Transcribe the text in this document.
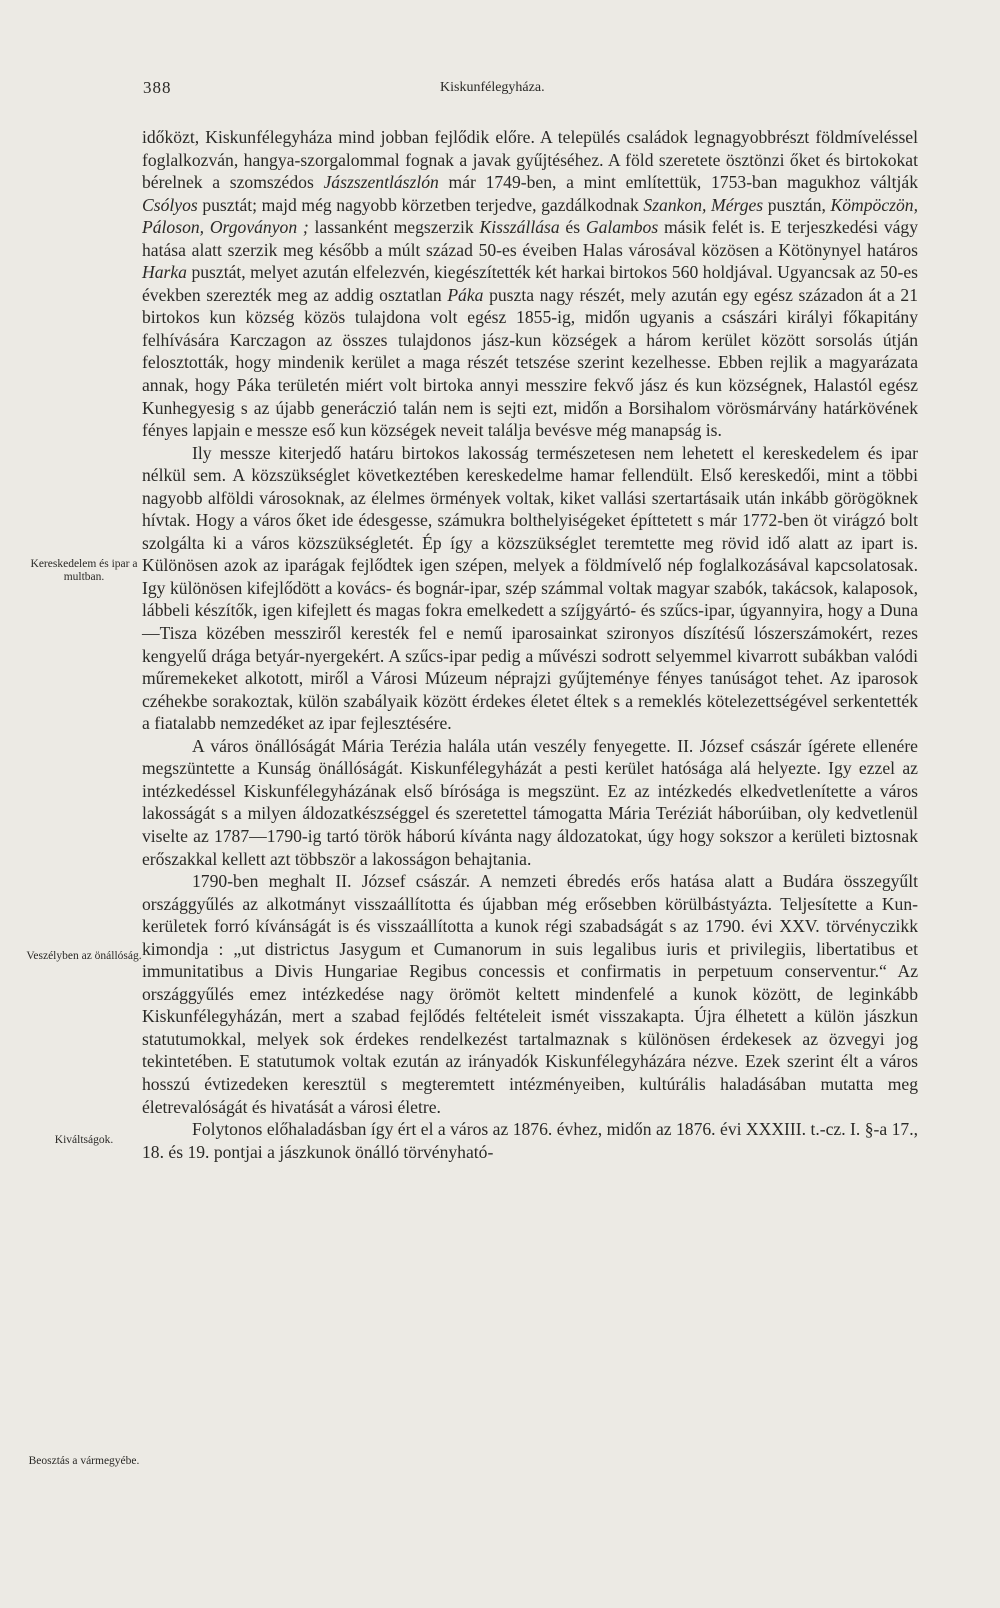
388	Kiskunfélegyháza.
Kereskedelem és ipar a multban.
Veszélyben az önállóság.
Kiváltságok.
Beosztás a vármegyébe.

időközt, Kiskunfélegyháza mind jobban fejlődik előre. A település családok legnagyobbrészt földmíveléssel foglalkozván, hangya-szorgalommal fognak a javak gyűjtéséhez. A föld szeretete ösztönzi őket és birtokokat bérelnek a szomszédos Jászszentlászlón már 1749-ben, a mint említettük, 1753-ban magukhoz váltják Csólyos pusztát; majd még nagyobb körzetben terjedve, gazdálkodnak Szankon, Mérges pusztán, Kömpöczön, Páloson, Orgoványon ; lassanként megszerzik Kisszállása és Galambos másik felét is. E terjeszkedési vágy hatása alatt szerzik meg később a múlt század 50-es éveiben Halas városával közösen a Kötönynyel határos Harka pusztát, melyet azután elfelezvén, kiegészítették két harkai birtokos 560 holdjával. Ugyancsak az 50-es években szerezték meg az addig osztatlan Páka puszta nagy részét, mely azután egy egész századon át a 21 birtokos kun község közös tulajdona volt egész 1855-ig, midőn ugyanis a császári királyi főkapitány felhívására Karczagon az összes tulajdonos jász-kun községek a három kerület között sorsolás útján felosztották, hogy mindenik kerület a maga részét tetszése szerint kezelhesse. Ebben rejlik a magyarázata annak, hogy Páka területén miért volt birtoka annyi messzire fekvő jász és kun községnek, Halastól egész Kunhegyesig s az újabb generáczió talán nem is sejti ezt, midőn a Borsihalom vörösmárvány határkövének fényes lapjain e messze eső kun községek neveit találja bevésve még manapság is.

Ily messze kiterjedő határu birtokos lakosság természetesen nem lehetett el kereskedelem és ipar nélkül sem. A közszükséglet következtében kereskedelme hamar fellendült. Első kereskedői, mint a többi nagyobb alföldi városoknak, az élelmes örmények voltak, kiket vallási szertartásaik után inkább görögöknek hívtak. Hogy a város őket ide édesgesse, számukra bolthelyiségeket építtetett s már 1772-ben öt virágzó bolt szolgálta ki a város közszükségletét. Ép így a közszükséglet teremtette meg rövid idő alatt az ipart is. Különösen azok az iparágak fejlődtek igen szépen, melyek a földmívelő nép foglalkozásával kapcsolatosak. Igy különösen kifejlődött a kovács- és bognár-ipar, szép számmal voltak magyar szabók, takácsok, kalaposok, lábbeli készítők, igen kifejlett és magas fokra emelkedett a szíjgyártó- és szűcs-ipar, úgyannyira, hogy a Duna—Tisza közében messziről keresték fel e nemű iparosainkat szironyos díszítésű lószerszámokért, rezes kengyelű drága betyár-nyergekért. A szűcs-ipar pedig a művészi sodrott selyemmel kivarrott subákban valódi műremekeket alkotott, miről a Városi Múzeum néprajzi gyűjteménye fényes tanúságot tehet. Az iparosok czéhekbe sorakoztak, külön szabályaik között érdekes életet éltek s a remeklés kötelezettségével serkentették a fiatalabb nemzedéket az ipar fejlesztésére.

A város önállóságát Mária Terézia halála után veszély fenyegette. II. József császár ígérete ellenére megszüntette a Kunság önállóságát. Kiskunfélegyházát a pesti kerület hatósága alá helyezte. Igy ezzel az intézkedéssel Kiskunfélegyházának első bírósága is megszünt. Ez az intézkedés elkedvetlenítette a város lakosságát s a milyen áldozatkészséggel és szeretettel támogatta Mária Teréziát háborúiban, oly kedvetlenül viselte az 1787—1790-ig tartó török háború kívánta nagy áldozatokat, úgy hogy sokszor a kerületi biztosnak erőszakkal kellett azt többször a lakosságon behajtania.

1790-ben meghalt II. József császár. A nemzeti ébredés erős hatása alatt a Budára összegyűlt országgyűlés az alkotmányt visszaállította és újabban még erősebben körülbástyázta. Teljesítette a Kun-kerületek forró kívánságát is és visszaállította a kunok régi szabadságát s az 1790. évi XXV. törvényczikk kimondja : „ut districtus Jasygum et Cumanorum in suis legalibus iuris et privilegiis, libertatibus et immunitatibus a Divis Hungariae Regibus concessis et confirmatis in perpetuum conserventur.“ Az országgyűlés emez intézkedése nagy örömöt keltett mindenfelé a kunok között, de leginkább Kiskunfélegyházán, mert a szabad fejlődés feltételeit ismét visszakapta. Újra élhetett a külön jászkun statutumokkal, melyek sok érdekes rendelkezést tartalmaznak s különösen érdekesek az özvegyi jog tekintetében. E statutumok voltak ezután az irányadók Kiskunfélegyházára nézve. Ezek szerint élt a város hosszú évtizedeken keresztül s megteremtett intézményeiben, kultúrális haladásában mutatta meg életrevalóságát és hivatását a városi életre.

Folytonos előhaladásban így ért el a város az 1876. évhez, midőn az 1876. évi XXXIII. t.-cz. I. §-a 17., 18. és 19. pontjai a jászkunok önálló törvényható-
